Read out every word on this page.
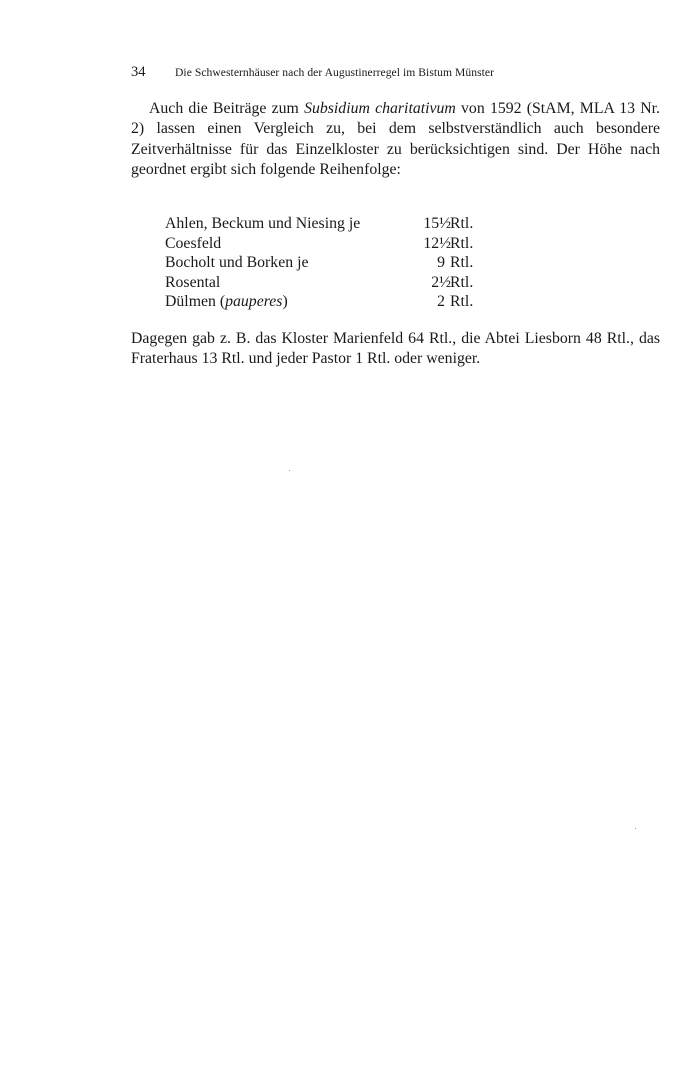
34	Die Schwesternhäuser nach der Augustinerregel im Bistum Münster

Auch die Beiträge zum Subsidium charitativum von 1592 (StAM, MLA 13 Nr. 2) lassen einen Vergleich zu, bei dem selbstverständlich auch besondere Zeitverhältnisse für das Einzelkloster zu berücksichtigen sind. Der Höhe nach geordnet ergibt sich folgende Reihenfolge:

Ahlen, Beckum und Niesing je	15½ Rtl.
Coesfeld	12½ Rtl.
Bocholt und Borken je	9 Rtl.
Rosental	2½ Rtl.
Dülmen (pauperes)	2 Rtl.

Dagegen gab z. B. das Kloster Marienfeld 64 Rtl., die Abtei Liesborn 48 Rtl., das Fraterhaus 13 Rtl. und jeder Pastor 1 Rtl. oder weniger.
